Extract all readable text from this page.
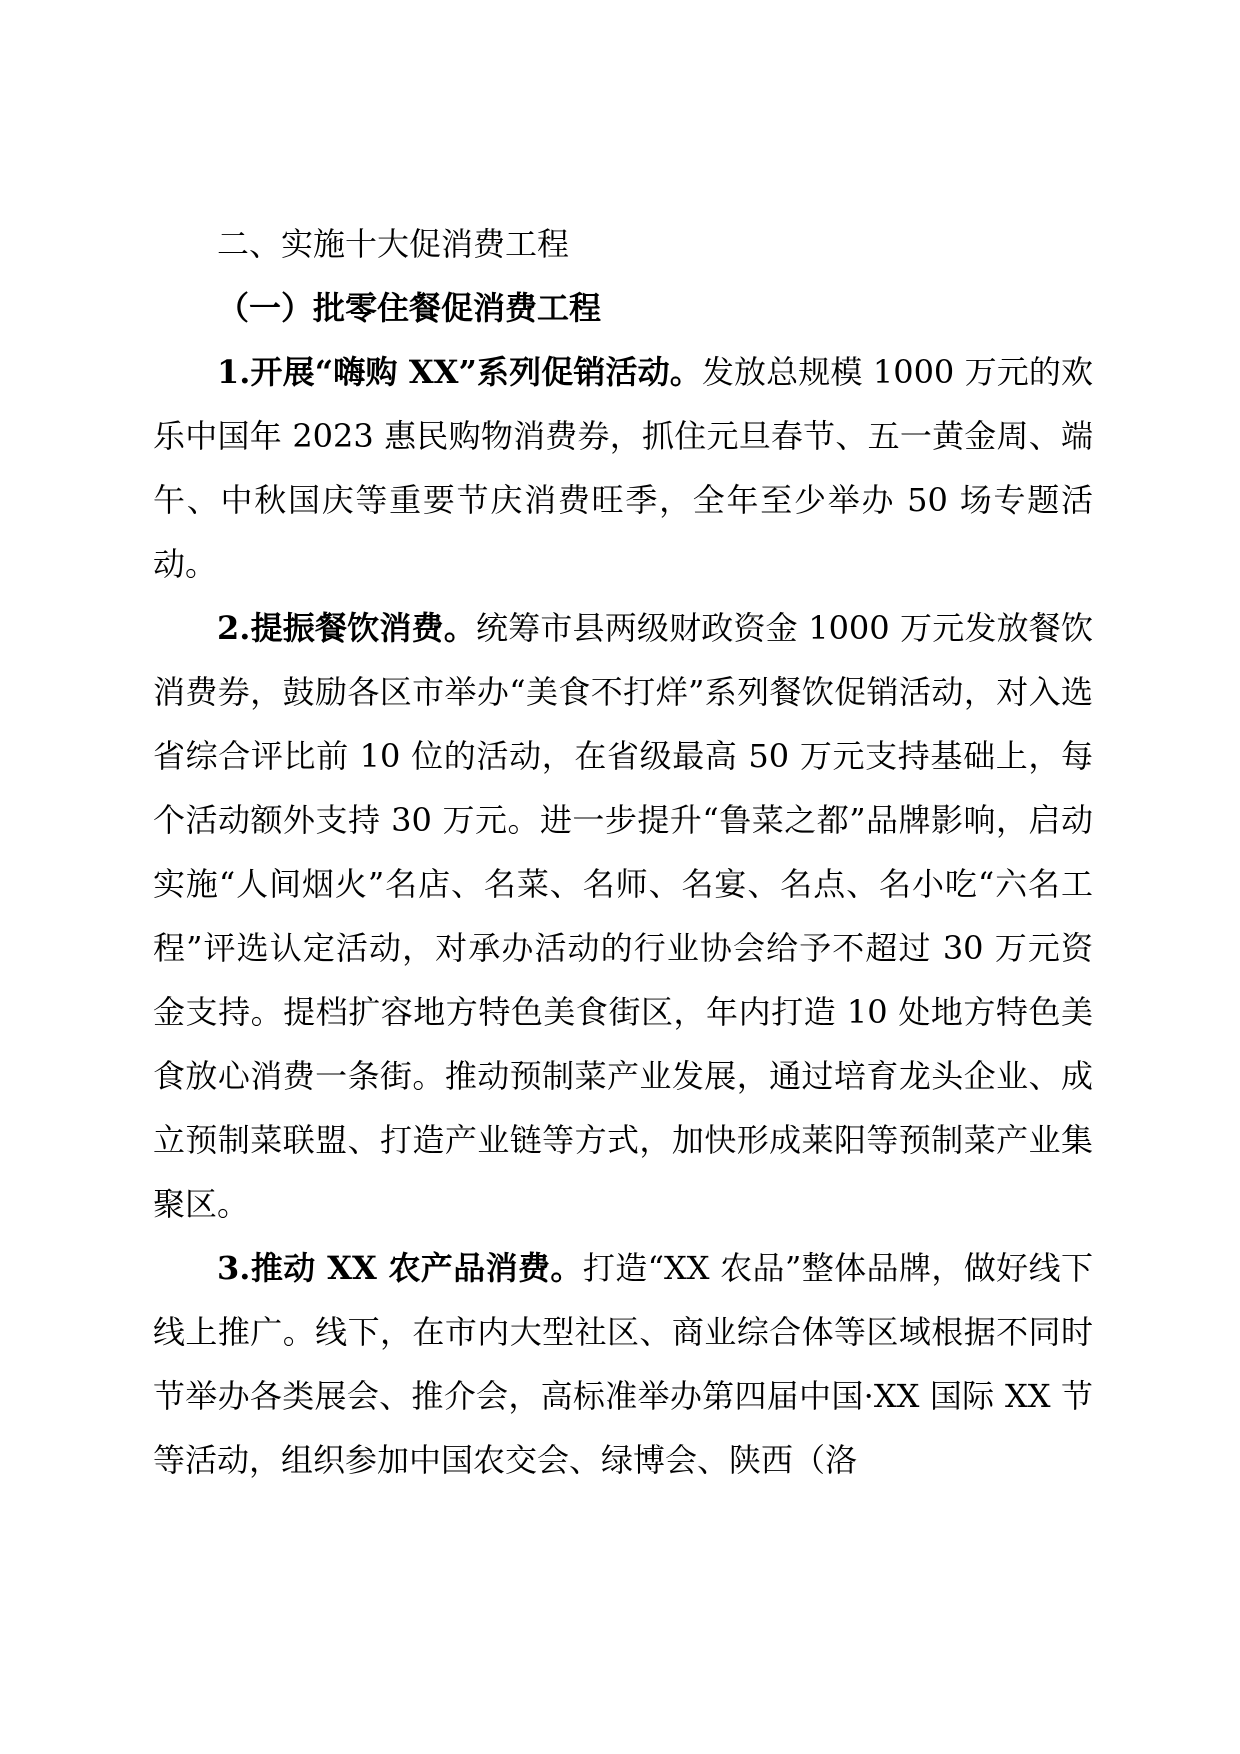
二、实施十大促消费工程
（一）批零住餐促消费工程

1.开展“嗨购 XX”系列促销活动。发放总规模 1000 万元的欢乐中国年 2023 惠民购物消费券，抓住元旦春节、五一黄金周、端午、中秋国庆等重要节庆消费旺季，全年至少举办 50 场专题活动。

2.提振餐饮消费。统筹市县两级财政资金 1000 万元发放餐饮消费券，鼓励各区市举办“美食不打烊”系列餐饮促销活动，对入选省综合评比前 10 位的活动，在省级最高 50 万元支持基础上，每个活动额外支持 30 万元。进一步提升“鲁菜之都”品牌影响，启动实施“人间烟火”名店、名菜、名师、名宴、名点、名小吃“六名工程”评选认定活动，对承办活动的行业协会给予不超过 30 万元资金支持。提档扩容地方特色美食街区，年内打造 10 处地方特色美食放心消费一条街。推动预制菜产业发展，通过培育龙头企业、成立预制菜联盟、打造产业链等方式，加快形成莱阳等预制菜产业集聚区。

3.推动 XX 农产品消费。打造“XX 农品”整体品牌，做好线下线上推广。线下，在市内大型社区、商业综合体等区域根据不同时节举办各类展会、推介会，高标准举办第四届中国·XX 国际 XX 节等活动，组织参加中国农交会、绿博会、陕西（洛
